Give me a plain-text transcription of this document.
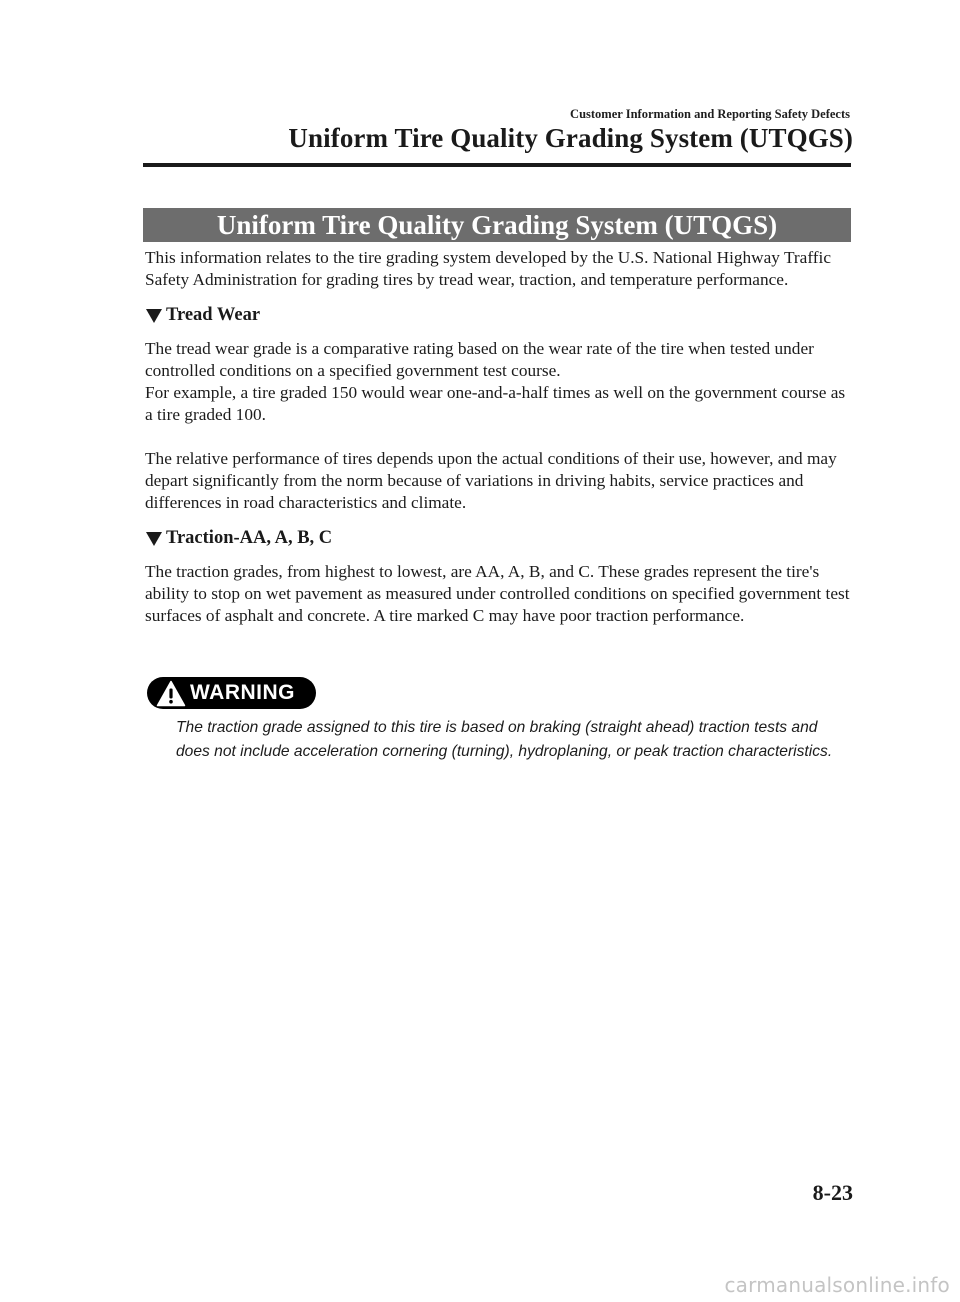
Customer Information and Reporting Safety Defects
Uniform Tire Quality Grading System (UTQGS)
Uniform Tire Quality Grading System (UTQGS)

This information relates to the tire grading system developed by the U.S. National Highway Traffic Safety Administration for grading tires by tread wear, traction, and temperature performance.

Tread Wear

The tread wear grade is a comparative rating based on the wear rate of the tire when tested under controlled conditions on a specified government test course.

For example, a tire graded 150 would wear one-and-a-half times as well on the government course as a tire graded 100.

The relative performance of tires depends upon the actual conditions of their use, however, and may depart significantly from the norm because of variations in driving habits, service practices and differences in road characteristics and climate.

Traction-AA, A, B, C

The traction grades, from highest to lowest, are AA, A, B, and C. These grades represent the tire's ability to stop on wet pavement as measured under controlled conditions on specified government test surfaces of asphalt and concrete. A tire marked C may have poor traction performance.

WARNING
The traction grade assigned to this tire is based on braking (straight ahead) traction tests and does not include acceleration cornering (turning), hydroplaning, or peak traction characteristics.
8-23
carmanualsonline.info
